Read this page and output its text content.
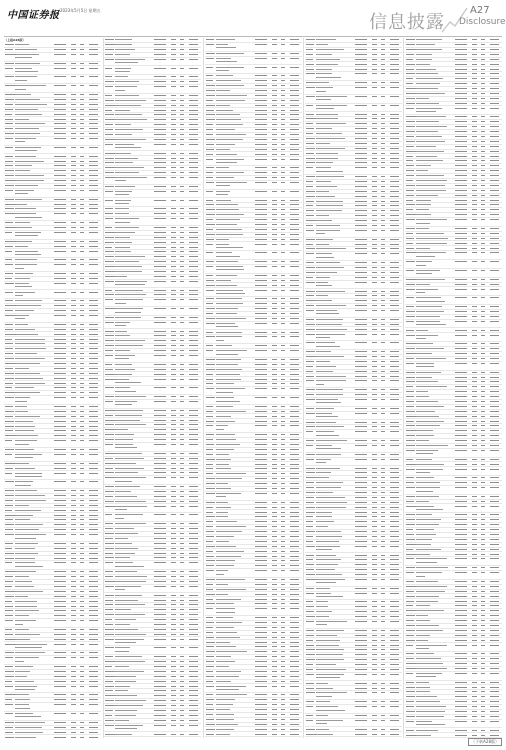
中国证券报 2023年5月5日 星期五
信息披露
A27
Disclosure
（上接A26版）
（下转A28版）
